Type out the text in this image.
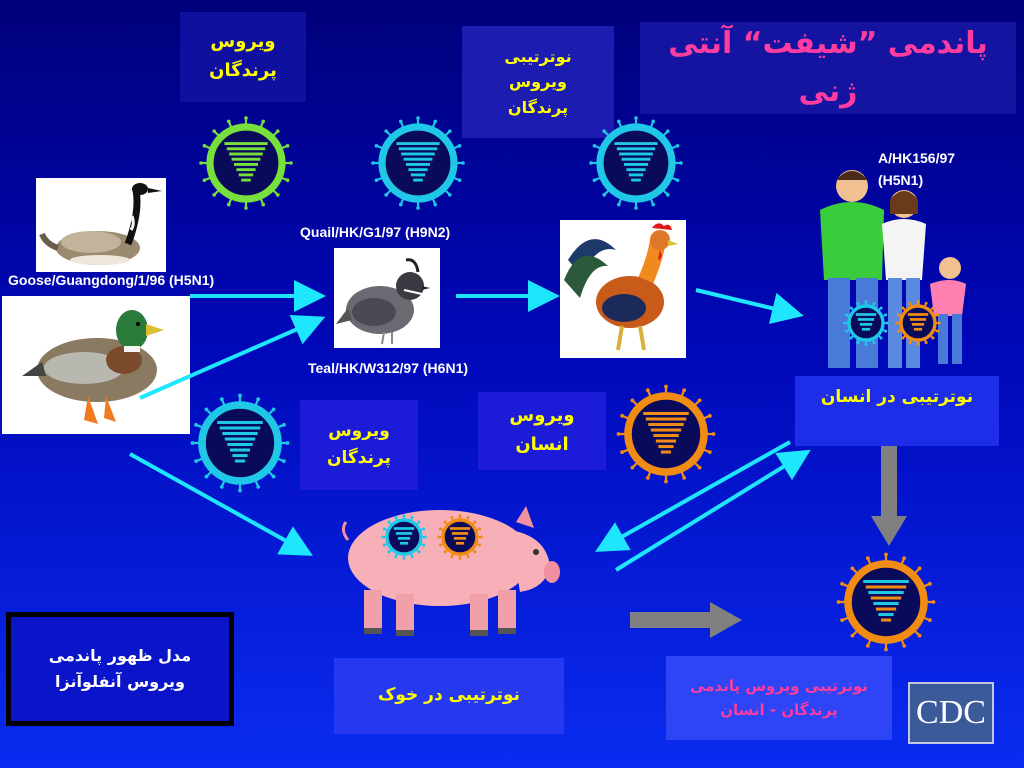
پاندمی ”شیفت“ آنتی ژنی
ویروس
پرندگان
نوترتیبی
ویروس
پرندگان
ویروس
پرندگان
ویروس
انسان
نوترتیبی در انسان
نوترتیبی در خوک	نوترتیبی ویروس پاندمی
پرندگان - انسان
مدل ظهور پاندمی
ویروس آنفلوآنزا
Goose/Guangdong/1/96 (H5N1)
Quail/HK/G1/97 (H9N2)
Teal/HK/W312/97 (H6N1)
A/HK156/97
(H5N1)
CDC
